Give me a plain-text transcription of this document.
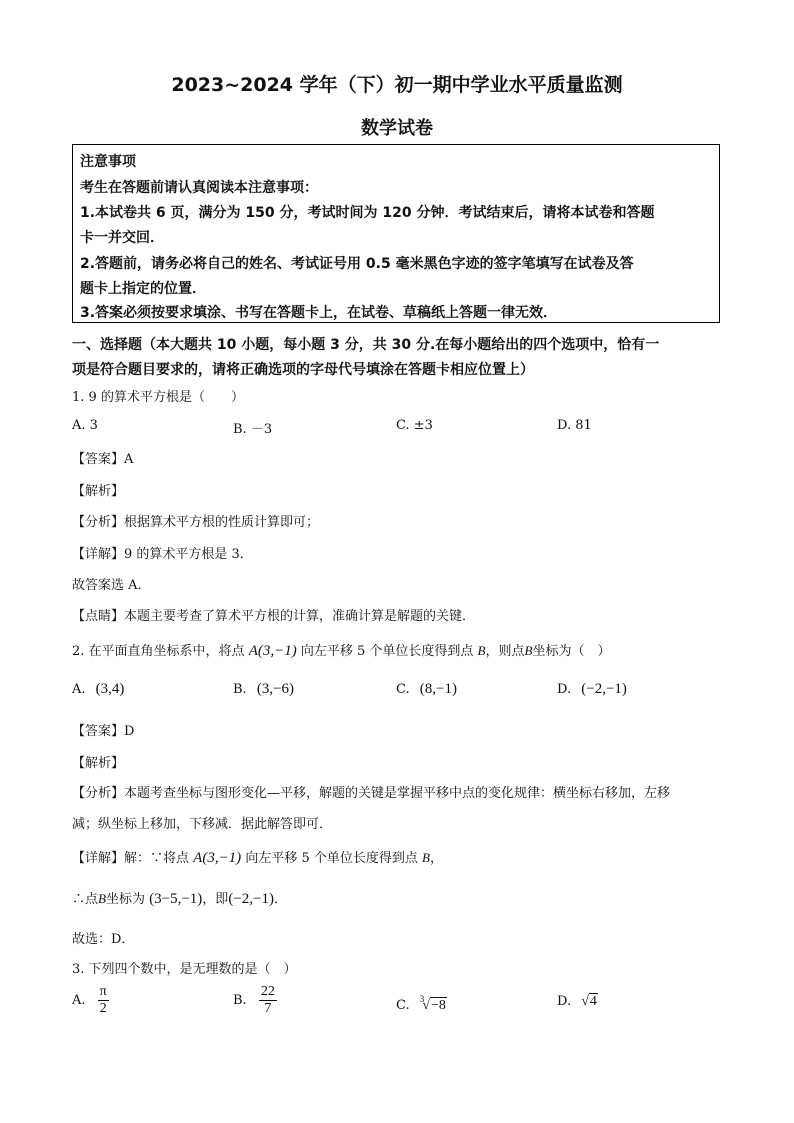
2023~2024 学年（下）初一期中学业水平质量监测
数学试卷
注意事项
考生在答题前请认真阅读本注意事项：
1.本试卷共 6 页，满分为 150 分，考试时间为 120 分钟．考试结束后，请将本试卷和答题
卡一并交回．
2.答题前，请务必将自己的姓名、考试证号用 0.5 毫米黑色字迹的签字笔填写在试卷及答
题卡上指定的位置．
3.答案必须按要求填涂、书写在答题卡上，在试卷、草稿纸上答题一律无效．
一、选择题（本大题共 10 小题，每小题 3 分，共 30 分.在每小题给出的四个选项中，恰有一
项是符合题目要求的，请将正确选项的字母代号填涂在答题卡相应位置上）
1. 9 的算术平方根是（　　）
A. 3	B. －3	C. ±3	D. 81
【答案】A
【解析】
【分析】根据算术平方根的性质计算即可；
【详解】9 的算术平方根是 3．
故答案选 A．
【点睛】本题主要考查了算术平方根的计算，准确计算是解题的关键．
2. 在平面直角坐标系中，将点 A(3,−1) 向左平移 5 个单位长度得到点 B，则点B坐标为（　）
A. (3,4)	B. (3,−6)	C. (8,−1)	D. (−2,−1)
【答案】D
【解析】
【分析】本题考查坐标与图形变化—平移，解题的关键是掌握平移中点的变化规律：横坐标右移加，左移
减；纵坐标上移加，下移减．据此解答即可．
【详解】解：∵将点 A(3,−1) 向左平移 5 个单位长度得到点 B，
∴点B坐标为 (3−5,−1)，即(−2,−1)．
故选：D．
3. 下列四个数中，是无理数的是（　）
A. $\frac{\pi}{2}$	B. $\frac{22}{7}$	C. $^3$√−8	D. √4
